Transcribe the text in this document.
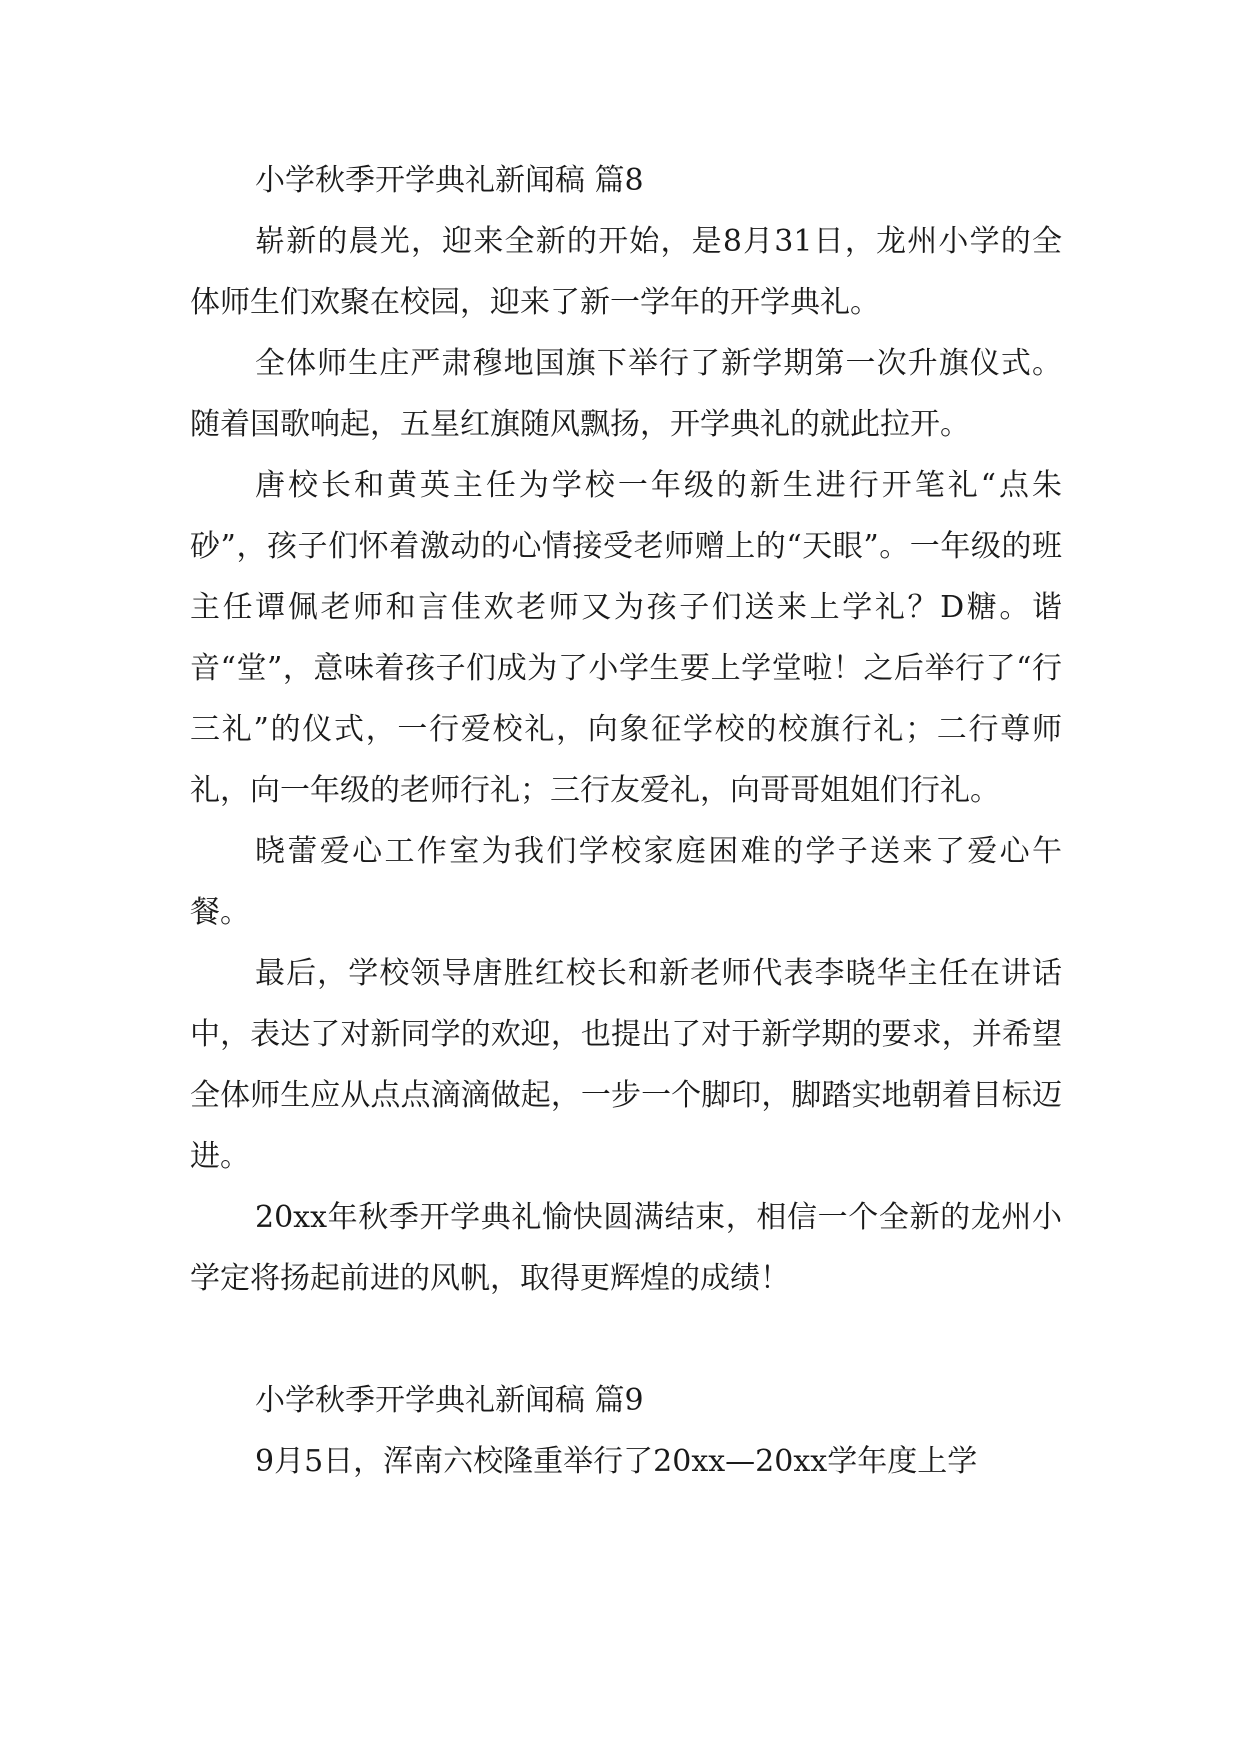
小学秋季开学典礼新闻稿 篇8

崭新的晨光，迎来全新的开始，是8月31日，龙州小学的全体师生们欢聚在校园，迎来了新一学年的开学典礼。

全体师生庄严肃穆地国旗下举行了新学期第一次升旗仪式。随着国歌响起，五星红旗随风飘扬，开学典礼的就此拉开。

唐校长和黄英主任为学校一年级的新生进行开笔礼“点朱砂”，孩子们怀着激动的心情接受老师赠上的“天眼”。一年级的班主任谭佩老师和言佳欢老师又为孩子们送来上学礼？D糖。谐音“堂”，意味着孩子们成为了小学生要上学堂啦！之后举行了“行三礼”的仪式，一行爱校礼，向象征学校的校旗行礼；二行尊师礼，向一年级的老师行礼；三行友爱礼，向哥哥姐姐们行礼。

晓蕾爱心工作室为我们学校家庭困难的学子送来了爱心午餐。

最后，学校领导唐胜红校长和新老师代表李晓华主任在讲话中，表达了对新同学的欢迎，也提出了对于新学期的要求，并希望全体师生应从点点滴滴做起，一步一个脚印，脚踏实地朝着目标迈进。

20xx年秋季开学典礼愉快圆满结束，相信一个全新的龙州小学定将扬起前进的风帆，取得更辉煌的成绩！

小学秋季开学典礼新闻稿 篇9

9月5日，浑南六校隆重举行了20xx—20xx学年度上学
